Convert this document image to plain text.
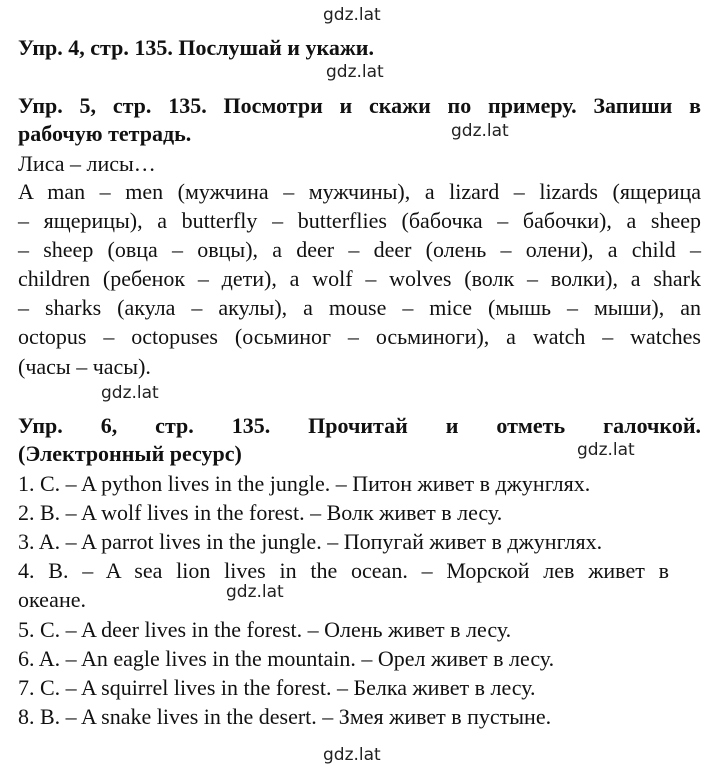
gdz.lat
gdz.lat
gdz.lat
gdz.lat
gdz.lat
gdz.lat
gdz.lat
Упр. 4, стр. 135. Послушай и укажи.
Упр. 5, стр. 135. Посмотри и скажи по примеру. Запиши в
рабочую тетрадь.
Лиса – лисы…
A man – men (мужчина – мужчины), a lizard – lizards (ящерица
– ящерицы), a butterfly – butterflies (бабочка – бабочки), a sheep
– sheep (овца – овцы), a deer – deer (олень – олени), a child –
children (ребенок – дети), a wolf – wolves (волк – волки), a shark
– sharks (акула – акулы), a mouse – mice (мышь – мыши), an
octopus – octopuses (осьминог – осьминоги), a watch – watches
(часы – часы).
Упр. 6, стр. 135. Прочитай и отметь галочкой.
(Электронный ресурс)
1. C. – A python lives in the jungle. – Питон живет в джунглях.
2. B. – A wolf lives in the forest. – Волк живет в лесу.
3. A. – A parrot lives in the jungle. – Попугай живет в джунглях.
4. B. – A sea lion lives in the ocean. – Морской лев живет в
океане.
5. C. – A deer lives in the forest. – Олень живет в лесу.
6. A. – An eagle lives in the mountain. – Орел живет в лесу.
7. C. – A squirrel lives in the forest. – Белка живет в лесу.
8. B. – A snake lives in the desert. – Змея живет в пустыне.
